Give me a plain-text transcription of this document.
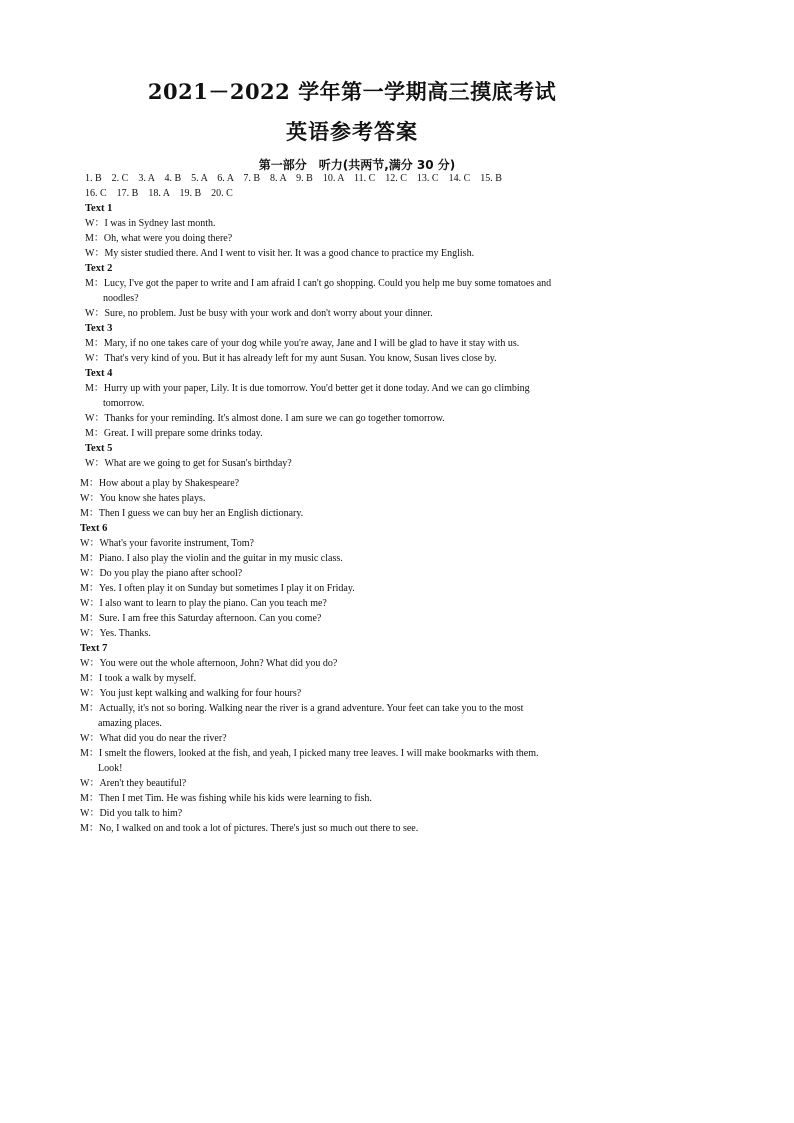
2021－2022 学年第一学期高三摸底考试
英语参考答案
第一部分　听力(共两节,满分 30 分)
1. B　2. C　3. A　4. B　5. A　6. A　7. B　8. A　9. B　10. A　11. C　12. C　13. C　14. C　15. B
16. C　17. B　18. A　19. B　20. C
Text 1
W：I was in Sydney last month.
M：Oh, what were you doing there?
W：My sister studied there. And I went to visit her. It was a good chance to practice my English.
Text 2
M：Lucy, I've got the paper to write and I am afraid I can't go shopping. Could you help me buy some tomatoes and
noodles?
W：Sure, no problem. Just be busy with your work and don't worry about your dinner.
Text 3
M：Mary, if no one takes care of your dog while you're away, Jane and I will be glad to have it stay with us.
W：That's very kind of you. But it has already left for my aunt Susan. You know, Susan lives close by.
Text 4
M：Hurry up with your paper, Lily. It is due tomorrow. You'd better get it done today. And we can go climbing
tomorrow.
W：Thanks for your reminding. It's almost done. I am sure we can go together tomorrow.
M：Great. I will prepare some drinks today.
Text 5
W：What are we going to get for Susan's birthday?
M：How about a play by Shakespeare?
W：You know she hates plays.
M：Then I guess we can buy her an English dictionary.
Text 6
W：What's your favorite instrument, Tom?
M：Piano. I also play the violin and the guitar in my music class.
W：Do you play the piano after school?
M：Yes. I often play it on Sunday but sometimes I play it on Friday.
W：I also want to learn to play the piano. Can you teach me?
M：Sure. I am free this Saturday afternoon. Can you come?
W：Yes. Thanks.
Text 7
W：You were out the whole afternoon, John? What did you do?
M：I took a walk by myself.
W：You just kept walking and walking for four hours?
M：Actually, it's not so boring. Walking near the river is a grand adventure. Your feet can take you to the most
amazing places.
W：What did you do near the river?
M：I smelt the flowers, looked at the fish, and yeah, I picked many tree leaves. I will make bookmarks with them.
Look!
W：Aren't they beautiful?
M：Then I met Tim. He was fishing while his kids were learning to fish.
W：Did you talk to him?
M：No, I walked on and took a lot of pictures. There's just so much out there to see.
